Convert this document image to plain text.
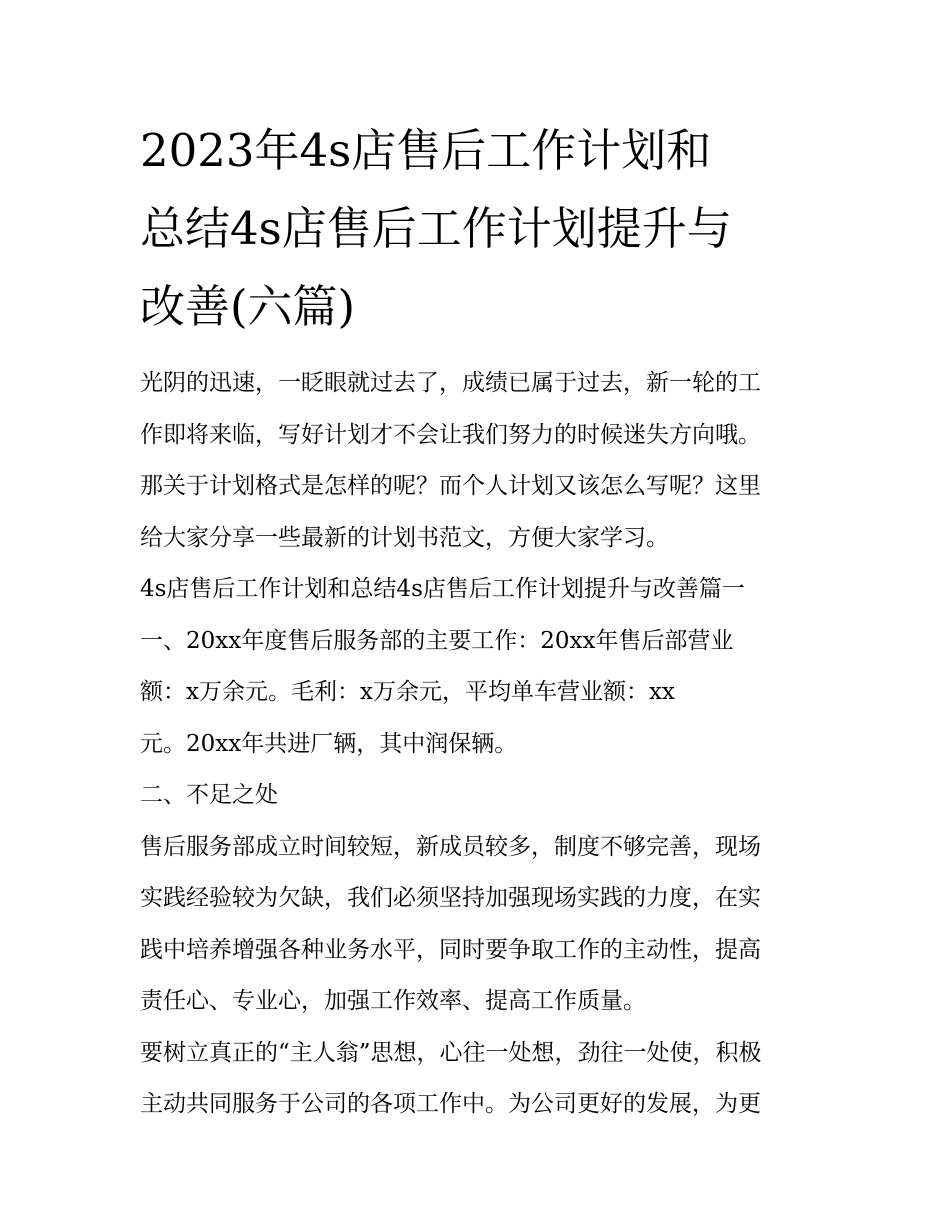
2023年4s店售后工作计划和
总结4s店售后工作计划提升与
改善(六篇)
光阴的迅速，一眨眼就过去了，成绩已属于过去，新一轮的工
作即将来临，写好计划才不会让我们努力的时候迷失方向哦。
那关于计划格式是怎样的呢？而个人计划又该怎么写呢？这里
给大家分享一些最新的计划书范文，方便大家学习。
4s店售后工作计划和总结4s店售后工作计划提升与改善篇一
一、20xx年度售后服务部的主要工作：20xx年售后部营业
额：x万余元。毛利：x万余元，平均单车营业额：xx
元。20xx年共进厂辆，其中润保辆。
二、不足之处
售后服务部成立时间较短，新成员较多，制度不够完善，现场
实践经验较为欠缺，我们必须坚持加强现场实践的力度，在实
践中培养增强各种业务水平，同时要争取工作的主动性，提高
责任心、专业心，加强工作效率、提高工作质量。
要树立真正的“主人翁”思想，心往一处想，劲往一处使，积极
主动共同服务于公司的各项工作中。为公司更好的发展，为更
